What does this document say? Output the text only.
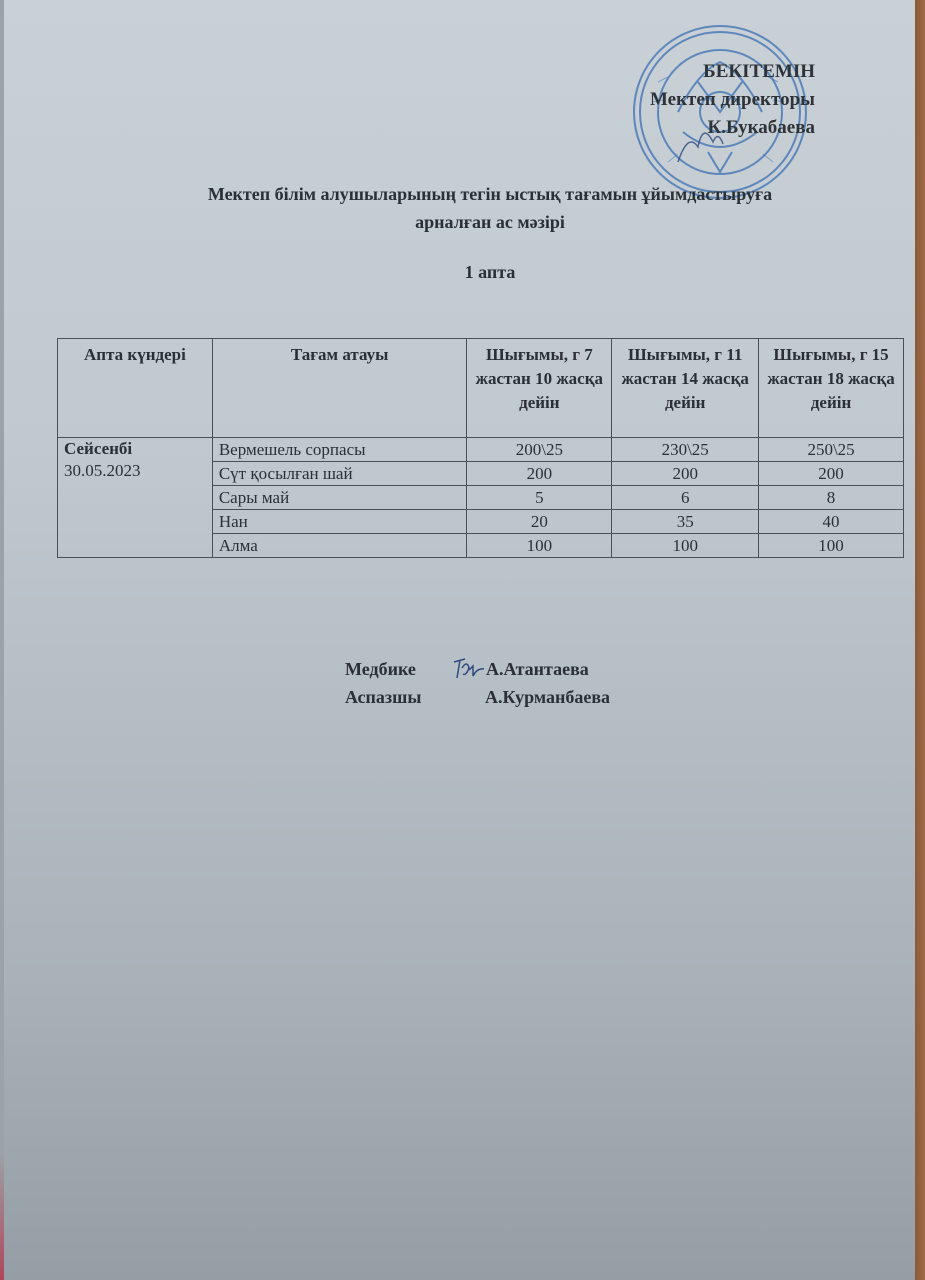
БЕКІТЕМІН
Мектеп директоры
К.Букабаева
Мектеп білім алушыларының тегін ыстық тағамын ұйымдастыруға
арналған ас мәзірі
1 апта
Апта күндері	Тағам атауы	Шығымы, г 7 жастан 10 жасқа дейін	Шығымы, г 11 жастан 14 жасқа дейін	Шығымы, г 15 жастан 18 жасқа дейін

Сейсенбі
30.05.2023	Вермешель сорпасы	200\25	230\25	250\25
	Сүт қосылған шай	200	200	200
	Сары май	5	6	8
	Нан	20	35	40
	Алма	100	100	100
Медбике	А.Атантаева
Аспазшы	А.Курманбаева
